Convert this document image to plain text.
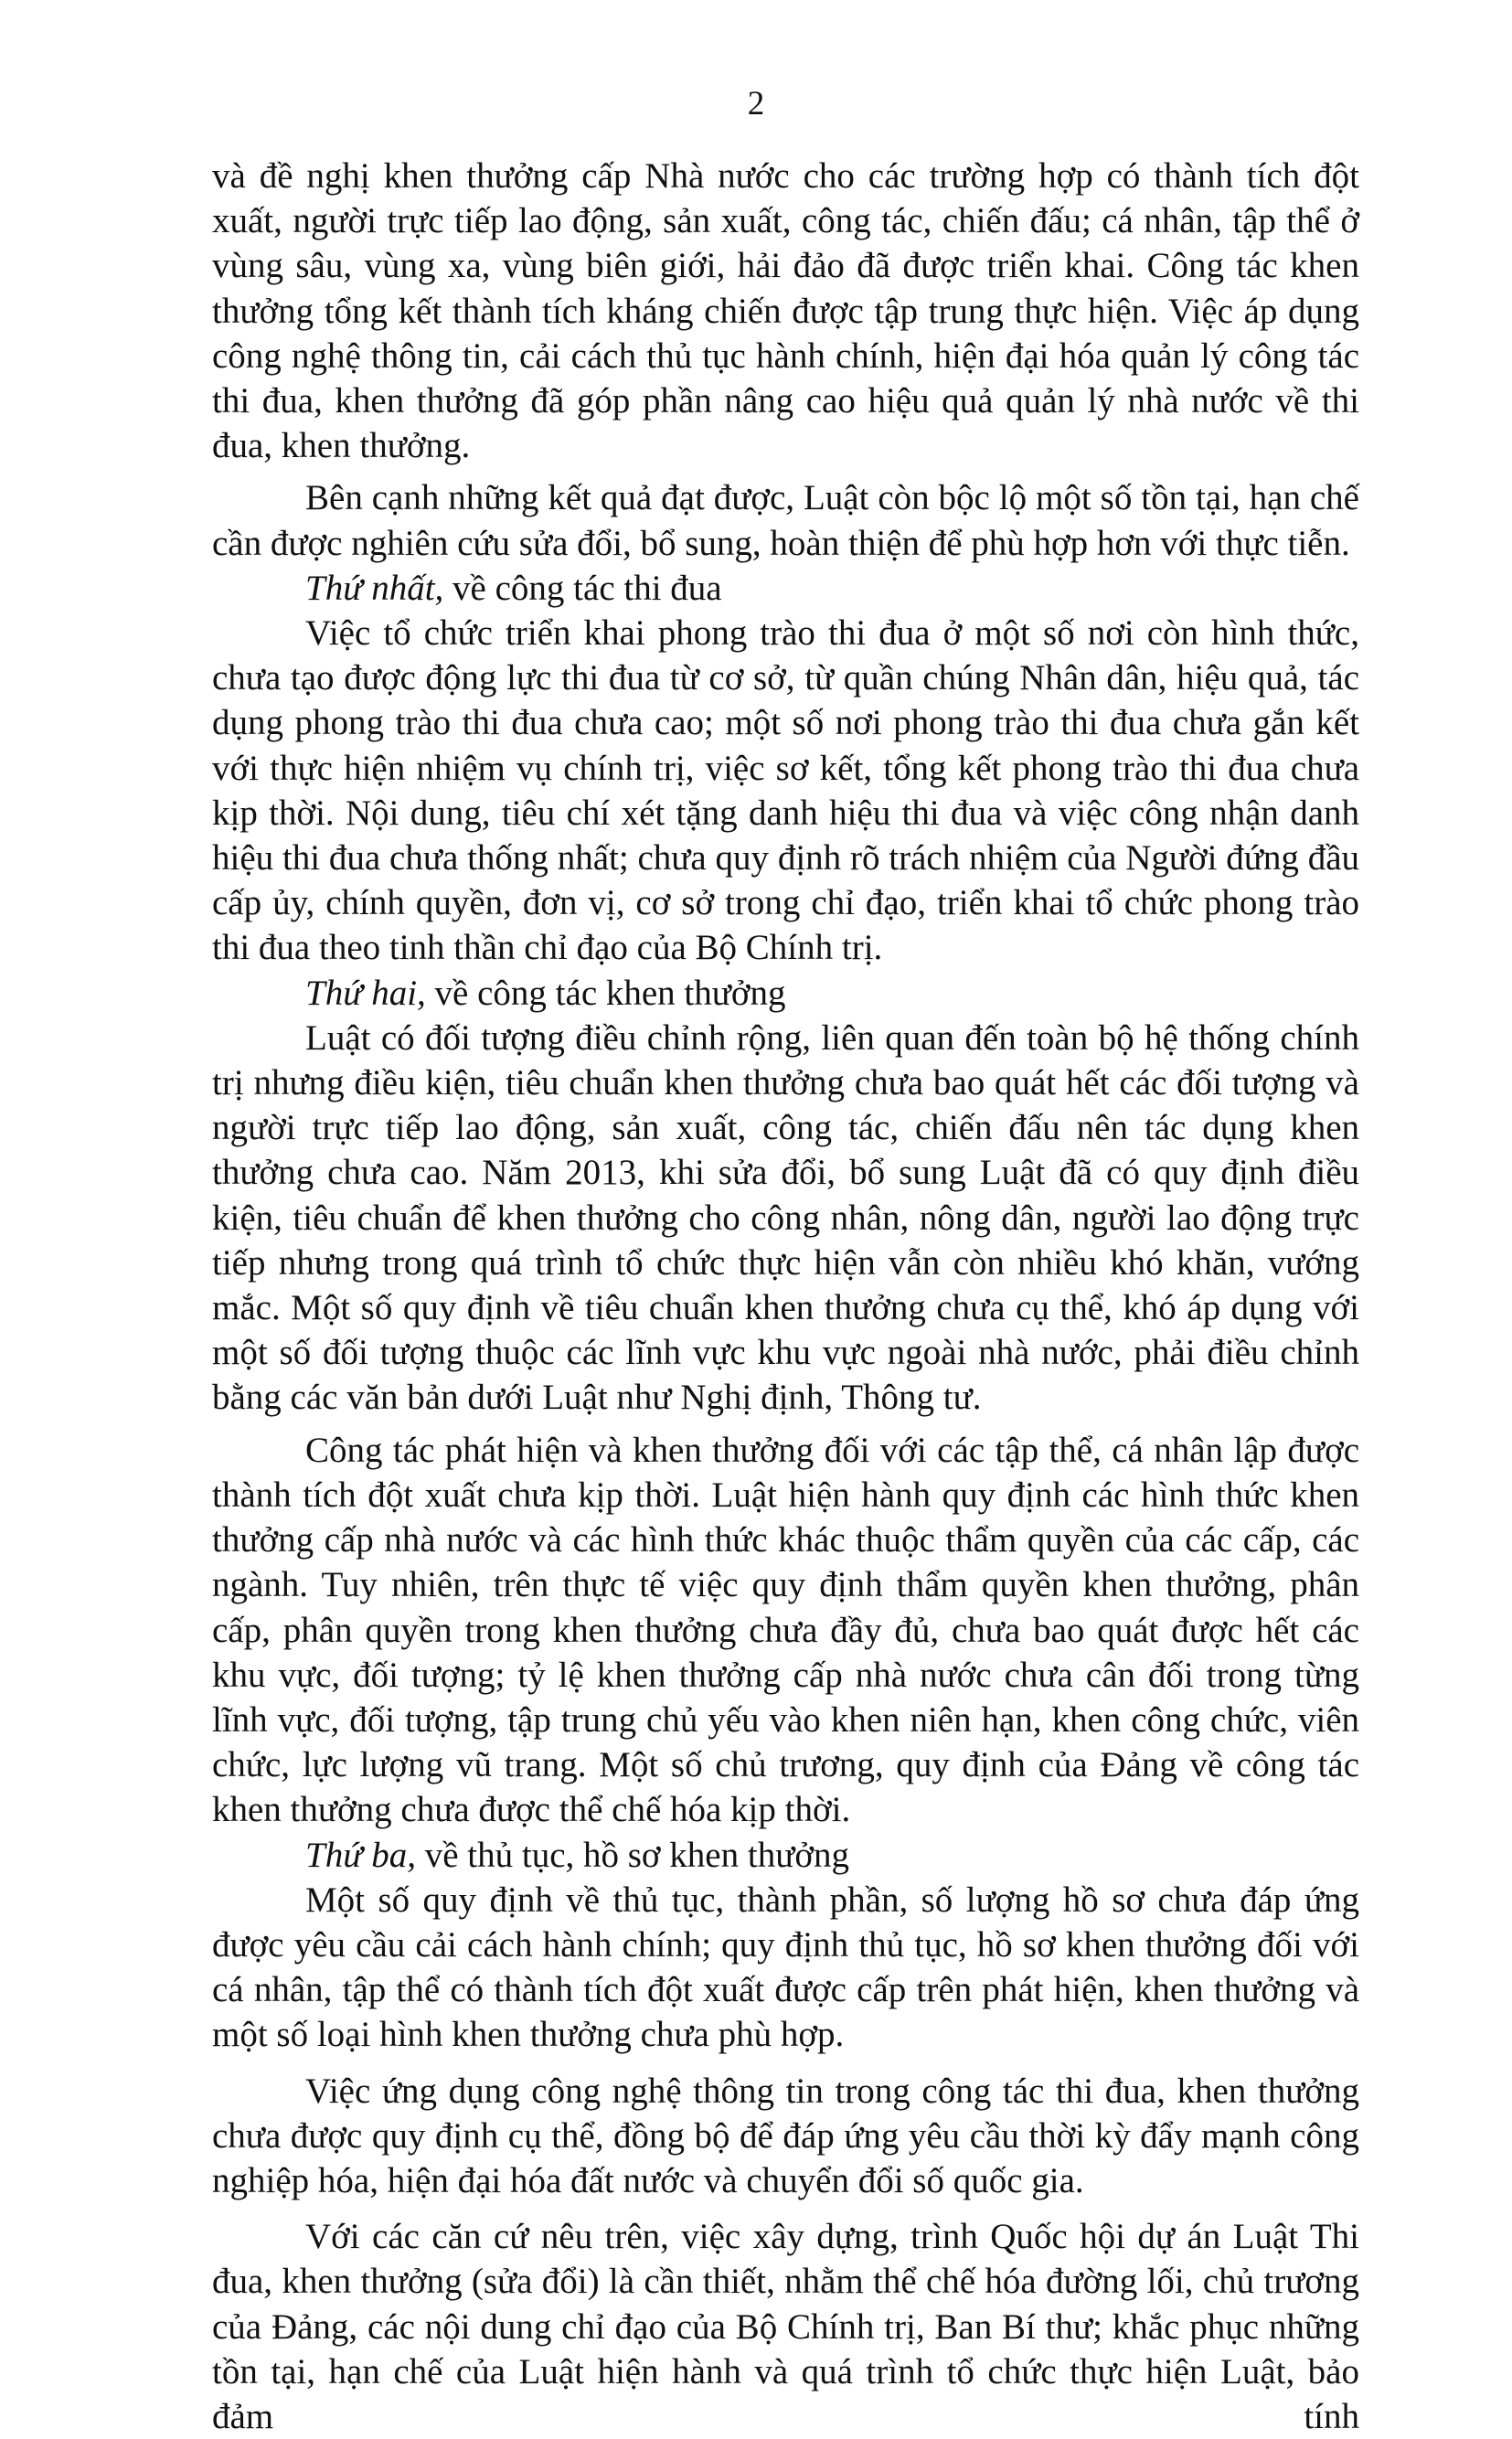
2

và đề nghị khen thưởng cấp Nhà nước cho các trường hợp có thành tích đột xuất, người trực tiếp lao động, sản xuất, công tác, chiến đấu; cá nhân, tập thể ở vùng sâu, vùng xa, vùng biên giới, hải đảo đã được triển khai. Công tác khen thưởng tổng kết thành tích kháng chiến được tập trung thực hiện. Việc áp dụng công nghệ thông tin, cải cách thủ tục hành chính, hiện đại hóa quản lý công tác thi đua, khen thưởng đã góp phần nâng cao hiệu quả quản lý nhà nước về thi đua, khen thưởng.

Bên cạnh những kết quả đạt được, Luật còn bộc lộ một số tồn tại, hạn chế cần được nghiên cứu sửa đổi, bổ sung, hoàn thiện để phù hợp hơn với thực tiễn.

Thứ nhất, về công tác thi đua

Việc tổ chức triển khai phong trào thi đua ở một số nơi còn hình thức, chưa tạo được động lực thi đua từ cơ sở, từ quần chúng Nhân dân, hiệu quả, tác dụng phong trào thi đua chưa cao; một số nơi phong trào thi đua chưa gắn kết với thực hiện nhiệm vụ chính trị, việc sơ kết, tổng kết phong trào thi đua chưa kịp thời. Nội dung, tiêu chí xét tặng danh hiệu thi đua và việc công nhận danh hiệu thi đua chưa thống nhất; chưa quy định rõ trách nhiệm của Người đứng đầu cấp ủy, chính quyền, đơn vị, cơ sở trong chỉ đạo, triển khai tổ chức phong trào thi đua theo tinh thần chỉ đạo của Bộ Chính trị.

Thứ hai, về công tác khen thưởng

Luật có đối tượng điều chỉnh rộng, liên quan đến toàn bộ hệ thống chính trị nhưng điều kiện, tiêu chuẩn khen thưởng chưa bao quát hết các đối tượng và người trực tiếp lao động, sản xuất, công tác, chiến đấu nên tác dụng khen thưởng chưa cao. Năm 2013, khi sửa đổi, bổ sung Luật đã có quy định điều kiện, tiêu chuẩn để khen thưởng cho công nhân, nông dân, người lao động trực tiếp nhưng trong quá trình tổ chức thực hiện vẫn còn nhiều khó khăn, vướng mắc. Một số quy định về tiêu chuẩn khen thưởng chưa cụ thể, khó áp dụng với một số đối tượng thuộc các lĩnh vực khu vực ngoài nhà nước, phải điều chỉnh bằng các văn bản dưới Luật như Nghị định, Thông tư.

Công tác phát hiện và khen thưởng đối với các tập thể, cá nhân lập được thành tích đột xuất chưa kịp thời. Luật hiện hành quy định các hình thức khen thưởng cấp nhà nước và các hình thức khác thuộc thẩm quyền của các cấp, các ngành. Tuy nhiên, trên thực tế việc quy định thẩm quyền khen thưởng, phân cấp, phân quyền trong khen thưởng chưa đầy đủ, chưa bao quát được hết các khu vực, đối tượng; tỷ lệ khen thưởng cấp nhà nước chưa cân đối trong từng lĩnh vực, đối tượng, tập trung chủ yếu vào khen niên hạn, khen công chức, viên chức, lực lượng vũ trang. Một số chủ trương, quy định của Đảng về công tác khen thưởng chưa được thể chế hóa kịp thời.

Thứ ba, về thủ tục, hồ sơ khen thưởng

Một số quy định về thủ tục, thành phần, số lượng hồ sơ chưa đáp ứng được yêu cầu cải cách hành chính; quy định thủ tục, hồ sơ khen thưởng đối với cá nhân, tập thể có thành tích đột xuất được cấp trên phát hiện, khen thưởng và một số loại hình khen thưởng chưa phù hợp.

Việc ứng dụng công nghệ thông tin trong công tác thi đua, khen thưởng chưa được quy định cụ thể, đồng bộ để đáp ứng yêu cầu thời kỳ đẩy mạnh công nghiệp hóa, hiện đại hóa đất nước và chuyển đổi số quốc gia.

Với các căn cứ nêu trên, việc xây dựng, trình Quốc hội dự án Luật Thi đua, khen thưởng (sửa đổi) là cần thiết, nhằm thể chế hóa đường lối, chủ trương của Đảng, các nội dung chỉ đạo của Bộ Chính trị, Ban Bí thư; khắc phục những tồn tại, hạn chế của Luật hiện hành và quá trình tổ chức thực hiện Luật, bảo đảm tính
